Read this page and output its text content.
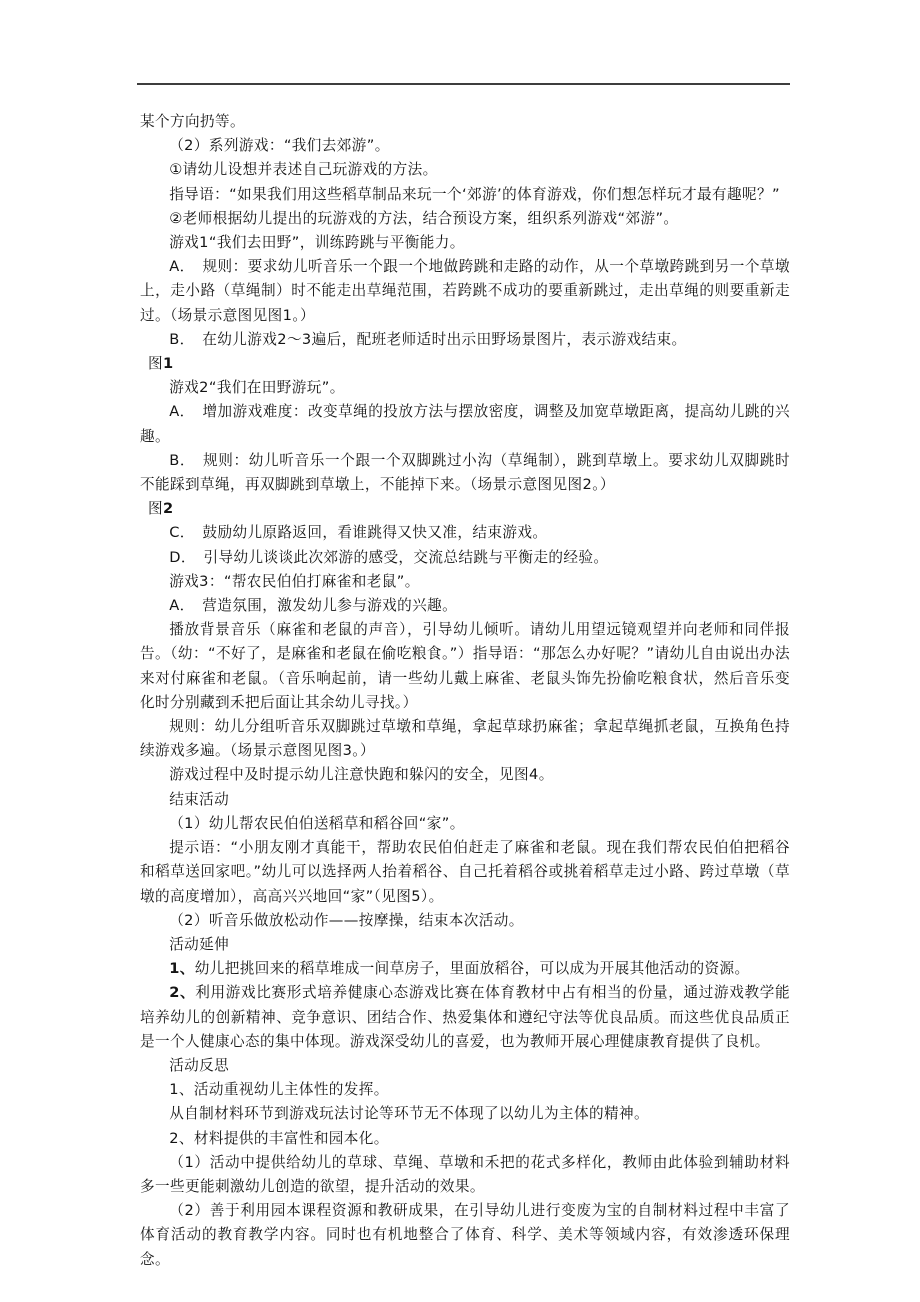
某个方向扔等。

（2）系列游戏：“我们去郊游”。

①请幼儿设想并表述自己玩游戏的方法。

指导语：“如果我们用这些稻草制品来玩一个‘郊游’的体育游戏，你们想怎样玩才最有趣呢？”

②老师根据幼儿提出的玩游戏的方法，结合预设方案，组织系列游戏“郊游”。

游戏1“我们去田野”，训练跨跳与平衡能力。

A．　规则：要求幼儿听音乐一个跟一个地做跨跳和走路的动作，从一个草墩跨跳到另一个草墩上，走小路（草绳制）时不能走出草绳范围，若跨跳不成功的要重新跳过，走出草绳的则要重新走过。（场景示意图见图1。）

B．　在幼儿游戏2～3遍后，配班老师适时出示田野场景图片，表示游戏结束。

图1

游戏2“我们在田野游玩”。

A．　增加游戏难度：改变草绳的投放方法与摆放密度，调整及加宽草墩距离，提高幼儿跳的兴趣。

B．　规则：幼儿听音乐一个跟一个双脚跳过小沟（草绳制），跳到草墩上。要求幼儿双脚跳时不能踩到草绳，再双脚跳到草墩上，不能掉下来。（场景示意图见图2。）

图2

C．　鼓励幼儿原路返回，看谁跳得又快又准，结束游戏。

D．　引导幼儿谈谈此次郊游的感受，交流总结跳与平衡走的经验。

游戏3：“帮农民伯伯打麻雀和老鼠”。

A．　营造氛围，激发幼儿参与游戏的兴趣。

播放背景音乐（麻雀和老鼠的声音），引导幼儿倾听。请幼儿用望远镜观望并向老师和同伴报告。（幼：“不好了，是麻雀和老鼠在偷吃粮食。”）指导语：“那怎么办好呢？”请幼儿自由说出办法来对付麻雀和老鼠。（音乐响起前，请一些幼儿戴上麻雀、老鼠头饰先扮偷吃粮食状，然后音乐变化时分别藏到禾把后面让其余幼儿寻找。）

规则：幼儿分组听音乐双脚跳过草墩和草绳，拿起草球扔麻雀；拿起草绳抓老鼠，互换角色持续游戏多遍。（场景示意图见图3。）

游戏过程中及时提示幼儿注意快跑和躲闪的安全，见图4。

结束活动

（1）幼儿帮农民伯伯送稻草和稻谷回“家”。

提示语：“小朋友刚才真能干，帮助农民伯伯赶走了麻雀和老鼠。现在我们帮农民伯伯把稻谷和稻草送回家吧。”幼儿可以选择两人抬着稻谷、自己托着稻谷或挑着稻草走过小路、跨过草墩（草墩的高度增加），高高兴兴地回“家”（见图5）。

（2）听音乐做放松动作——按摩操，结束本次活动。

活动延伸

1、幼儿把挑回来的稻草堆成一间草房子，里面放稻谷，可以成为开展其他活动的资源。

2、利用游戏比赛形式培养健康心态游戏比赛在体育教材中占有相当的份量，通过游戏教学能培养幼儿的创新精神、竞争意识、团结合作、热爱集体和遵纪守法等优良品质。而这些优良品质正是一个人健康心态的集中体现。游戏深受幼儿的喜爱，也为教师开展心理健康教育提供了良机。

活动反思

1、活动重视幼儿主体性的发挥。

从自制材料环节到游戏玩法讨论等环节无不体现了以幼儿为主体的精神。

2、材料提供的丰富性和园本化。

（1）活动中提供给幼儿的草球、草绳、草墩和禾把的花式多样化，教师由此体验到辅助材料多一些更能刺激幼儿创造的欲望，提升活动的效果。

（2）善于利用园本课程资源和教研成果，在引导幼儿进行变废为宝的自制材料过程中丰富了体育活动的教育教学内容。同时也有机地整合了体育、科学、美术等领域内容，有效渗透环保理念。
